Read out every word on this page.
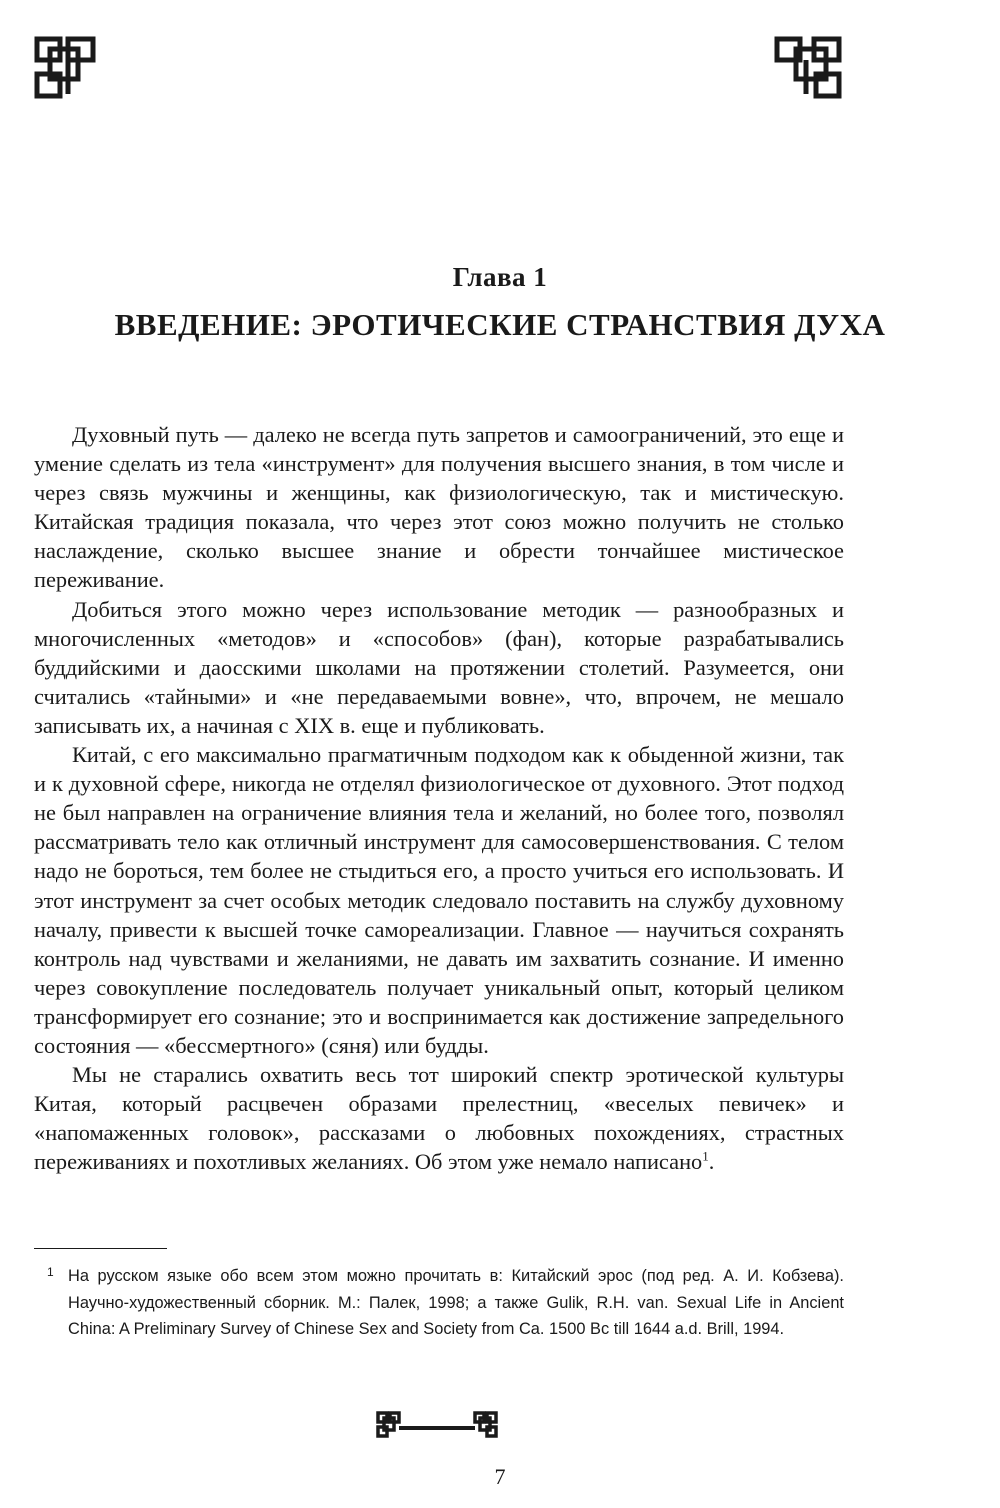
Глава 1
ВВЕДЕНИЕ: ЭРОТИЧЕСКИЕ СТРАНСТВИЯ ДУХА

Духовный путь — далеко не всегда путь запретов и самоограничений, это еще и умение сделать из тела «инструмент» для получения высшего знания, в том числе и через связь мужчины и женщины, как физиологическую, так и мистическую. Китайская традиция показала, что через этот союз можно получить не столько наслаждение, сколько высшее знание и обрести тончайшее мистическое переживание.

Добиться этого можно через использование методик — разнообразных и многочисленных «методов» и «способов» (фан), которые разрабатывались буддийскими и даосскими школами на протяжении столетий. Разумеется, они считались «тайными» и «не передаваемыми вовне», что, впрочем, не мешало записывать их, а начиная с XIX в. еще и публиковать.

Китай, с его максимально прагматичным подходом как к обыденной жизни, так и к духовной сфере, никогда не отделял физиологическое от духовного. Этот подход не был направлен на ограничение влияния тела и желаний, но более того, позволял рассматривать тело как отличный инструмент для самосовершенствования. С телом надо не бороться, тем более не стыдиться его, а просто учиться его использовать. И этот инструмент за счет особых методик следовало поставить на службу духовному началу, привести к высшей точке самореализации. Главное — научиться сохранять контроль над чувствами и желаниями, не давать им захватить сознание. И именно через совокупление последователь получает уникальный опыт, который целиком трансформирует его сознание; это и воспринимается как достижение запредельного состояния — «бессмертного» (сяня) или будды.

Мы не старались охватить весь тот широкий спектр эротической культуры Китая, который расцвечен образами прелестниц, «веселых певичек» и «напомаженных головок», рассказами о любовных похождениях, страстных переживаниях и похотливых желаниях. Об этом уже немало написано$^1$.

1 На русском языке обо всем этом можно прочитать в: Китайский эрос (под ред. А. И. Кобзева). Научно-художественный сборник. М.: Палек, 1998; а также Gulik, R.H. van. Sexual Life in Ancient China: A Preliminary Survey of Chinese Sex and Society from Ca. 1500 Bc till 1644 a.d. Brill, 1994.

7
